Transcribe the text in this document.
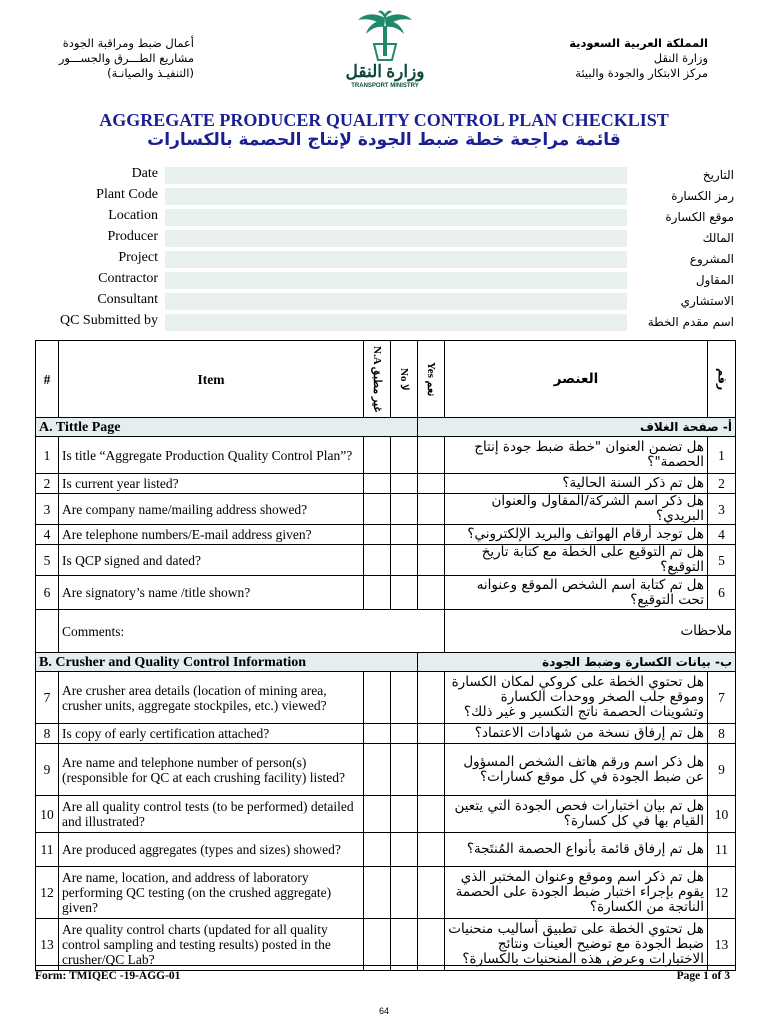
أعمال ضبط ومراقبة الجودة
مشاريع الطـــرق والجســـور
(التنفيـذ والصيانـة)	وزارة النقل
TRANSPORT MINISTRY
المملكة العربية السعودية
وزارة النقل
مركز الابتكار والجودة والبيئة
AGGREGATE PRODUCER QUALITY CONTROL PLAN CHECKLIST
قائمة مراجعة خطة ضبط الجودة لإنتاج الحصمة بالكسارات
Date	التاريخ
Plant Code	رمز الكسارة
Location	موقع الكسارة
Producer	المالك
Project	المشروع
Contractor	المقاول
Consultant	الاستشاري
QC Submitted by	اسم مقدم الخطة
#	Item	N.A غير مطبق	No لا	Yes نعم	العنصر	رقم

A. Tittle Page				أ- صفحة الغلاف		
1	Is title “Aggregate Production Quality Control Plan”?				هل تضمن العنوان "خطة ضبط جودة إنتاج الحصمة"؟	1
2	Is current year listed?				هل تم ذكر السنة الحالية؟	2
3	Are company name/mailing address showed?				هل ذكر اسم الشركة/المقاول والعنوان البريدي؟	3
4	Are telephone numbers/E-mail address given?				هل توجد أرقام الهواتف والبريد الإلكتروني؟	4
5	Is QCP signed and dated?				هل تم التوقيع على الخطة مع كتابة تاريخ التوقيع؟	5
6	Are signatory’s name /title shown?				هل تم كتابة اسم الشخص الموقع وعنوانه تحت التوقيع؟	6
	Comments:				ملاحظات	
B. Crusher and Quality Control Information				ب- بيانات الكسارة وضبط الجودة		
7	Are crusher area details (location of mining area, crusher units, aggregate stockpiles, etc.) viewed?				هل تحتوي الخطة على كروكي لمكان الكسارة وموقع جلب الصخر ووحدات الكسارة وتشوينات الحصمة ناتج التكسير و غير ذلك؟	7
8	Is copy of early certification attached?				هل تم إرفاق نسخة من شهادات الاعتماد؟	8
9	Are name and telephone number of person(s) (responsible for QC at each crushing facility) listed?				هل ذكر اسم ورقم هاتف الشخص المسؤول عن ضبط الجودة في كل موقع كسارات؟	9
10	Are all quality control tests (to be performed) detailed and illustrated?				هل تم بيان اختبارات فحص الجودة التي يتعين القيام بها في كل كسارة؟	10
11	Are produced aggregates (types and sizes) showed?				هل تم إرفاق قائمة بأنواع الحصمة المُنتَجة؟	11
12	Are name, location, and address of laboratory performing QC testing (on the crushed aggregate) given?				هل تم ذكر اسم وموقع وعنوان المختبر الذي يقوم بإجراء اختبار ضبط الجودة على الحصمة الناتجة من الكسارة؟	12
13	Are quality control charts (updated for all quality control sampling and testing results) posted in the crusher/QC Lab?				هل تحتوي الخطة على تطبيق أساليب منحنيات ضبط الجودة مع توضيح العينات ونتائج الاختبارات وعرض هذه المنحنيات بالكسارة؟	13
Form: TMIQEC -19-AGG-01	Page 1 of 3
64
